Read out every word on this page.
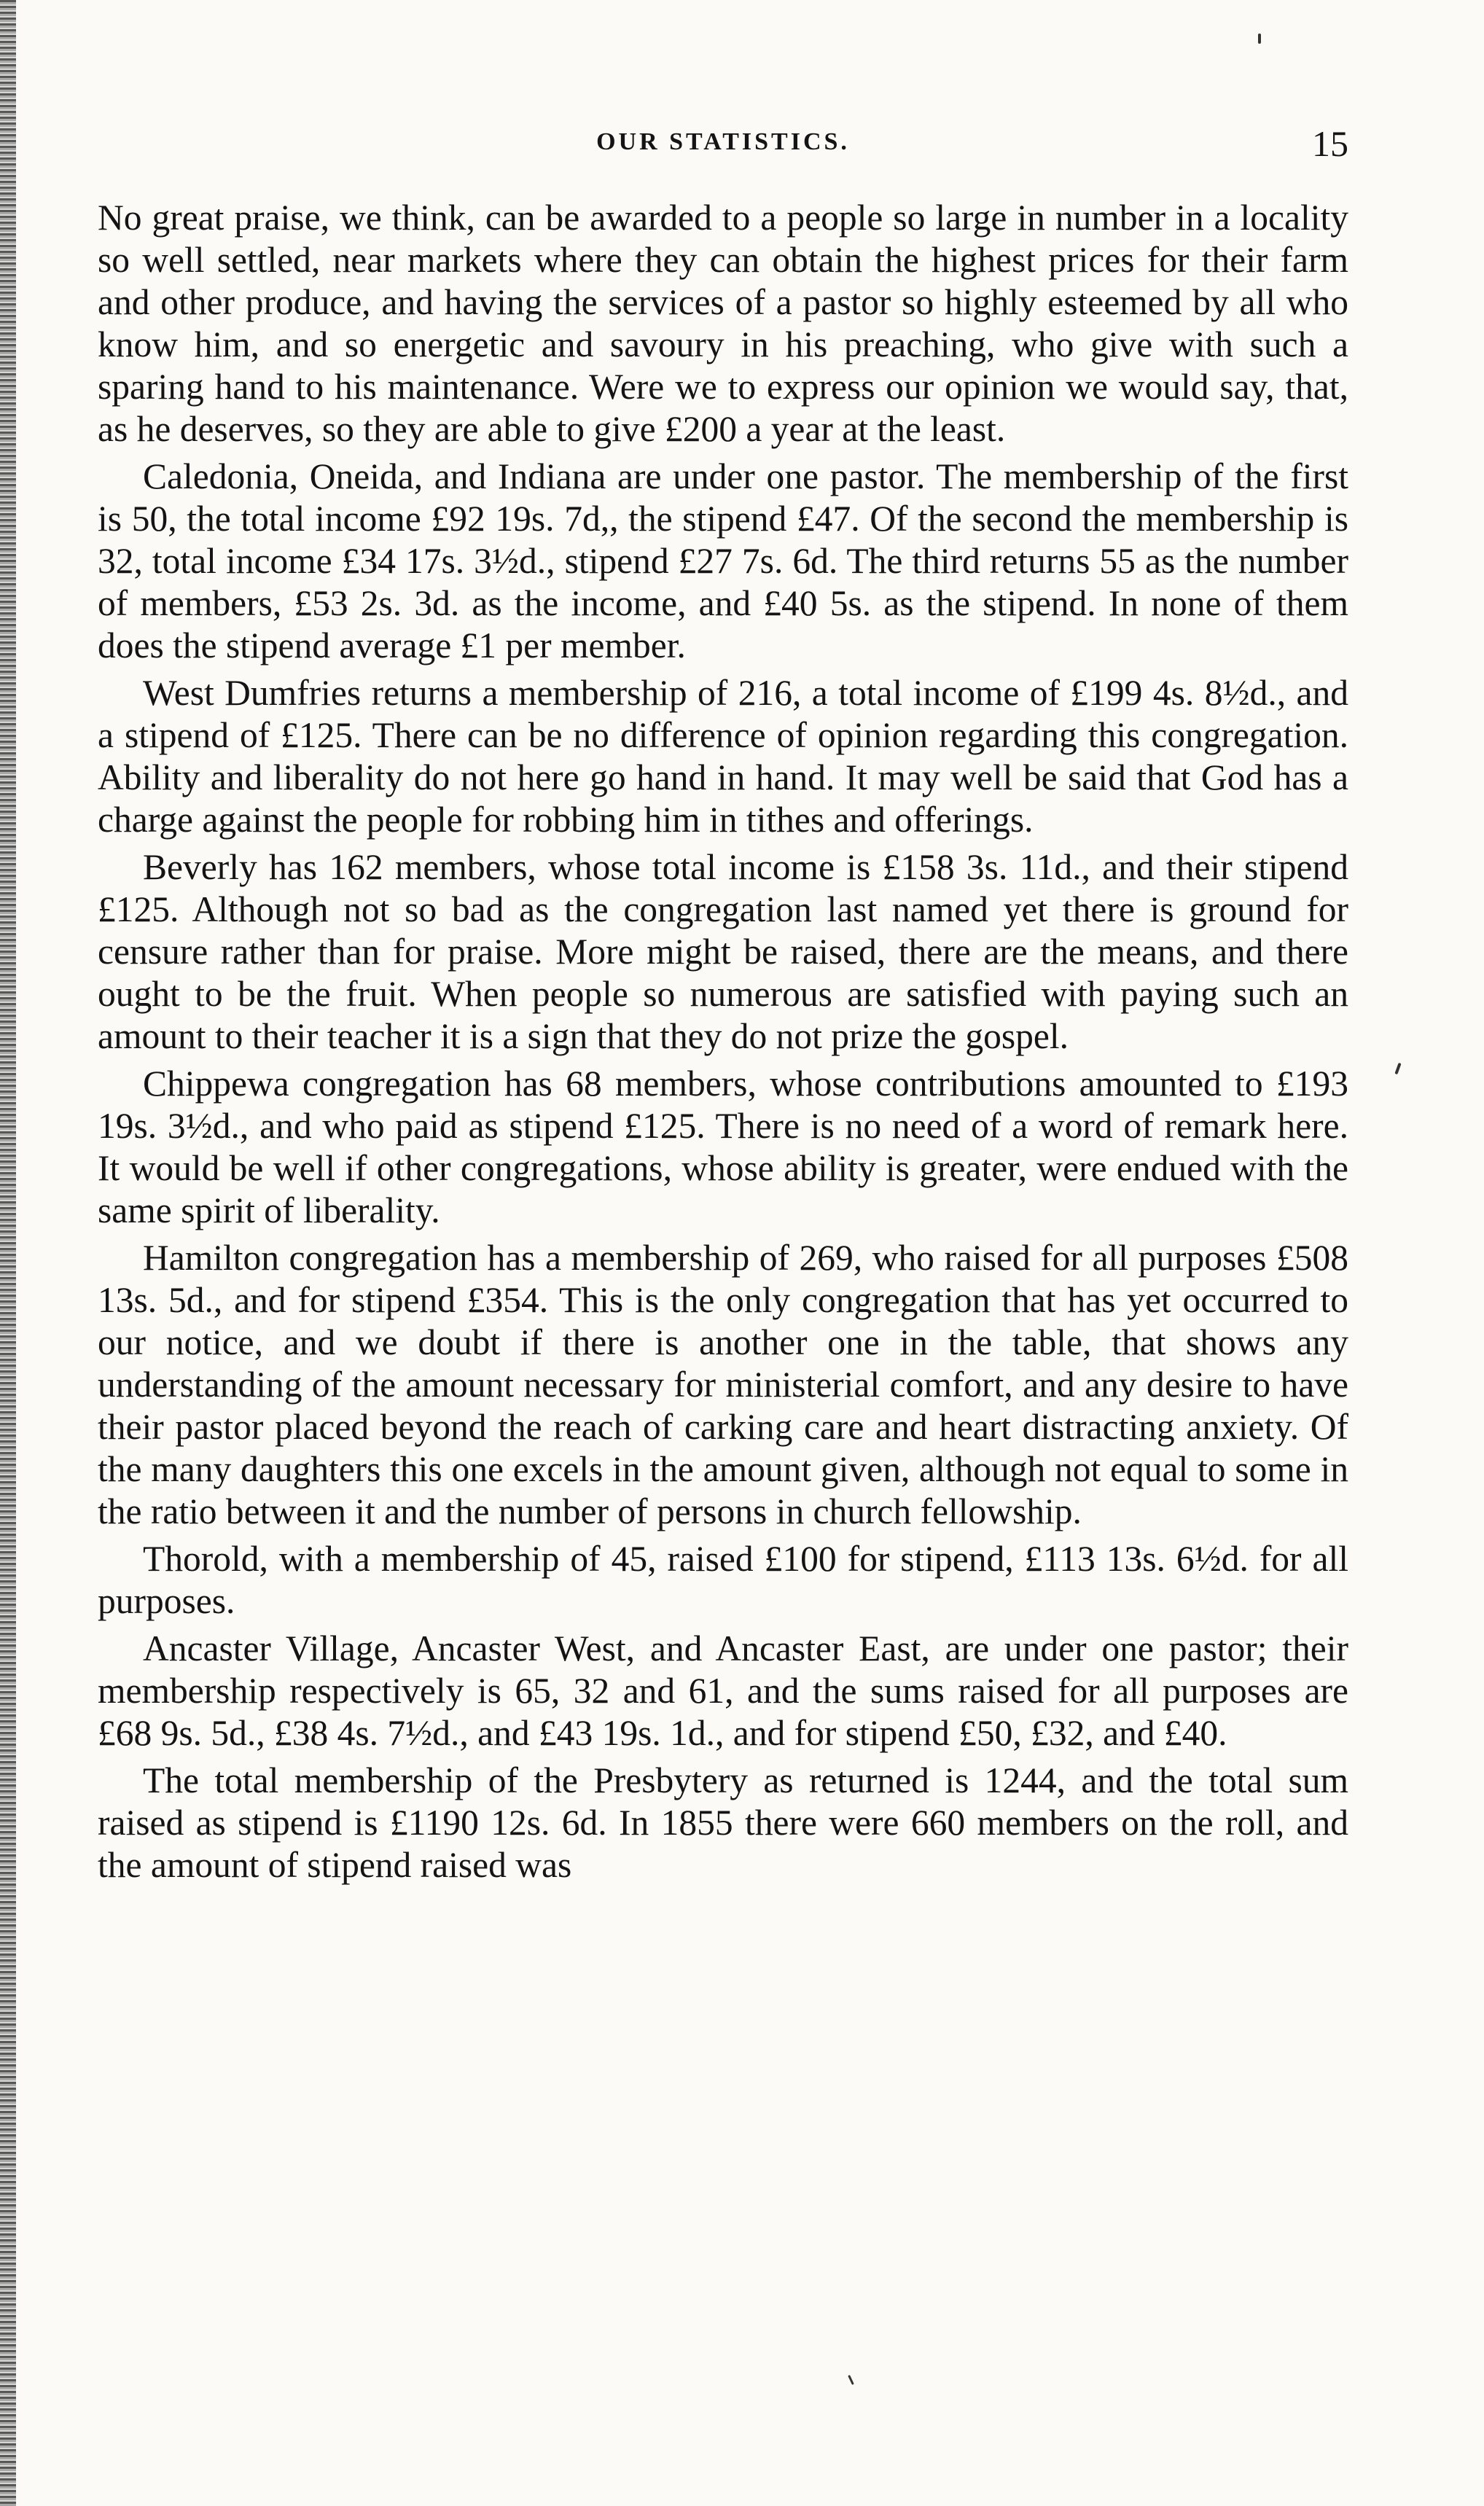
OUR STATISTICS.	15

No great praise, we think, can be awarded to a people so large in number in a locality so well settled, near markets where they can obtain the highest prices for their farm and other produce, and having the services of a pastor so highly esteemed by all who know him, and so energetic and savoury in his preaching, who give with such a sparing hand to his maintenance. Were we to express our opinion we would say, that, as he deserves, so they are able to give £200 a year at the least.

Caledonia, Oneida, and Indiana are under one pastor. The membership of the first is 50, the total income £92 19s. 7d,, the stipend £47. Of the second the membership is 32, total income £34 17s. 3½d., stipend £27 7s. 6d. The third returns 55 as the number of members, £53 2s. 3d. as the income, and £40 5s. as the stipend. In none of them does the stipend average £1 per member.

West Dumfries returns a membership of 216, a total income of £199 4s. 8½d., and a stipend of £125. There can be no difference of opinion regarding this congregation. Ability and liberality do not here go hand in hand. It may well be said that God has a charge against the people for robbing him in tithes and offerings.

Beverly has 162 members, whose total income is £158 3s. 11d., and their stipend £125. Although not so bad as the congregation last named yet there is ground for censure rather than for praise. More might be raised, there are the means, and there ought to be the fruit. When people so numerous are satisfied with paying such an amount to their teacher it is a sign that they do not prize the gospel.

Chippewa congregation has 68 members, whose contributions amounted to £193 19s. 3½d., and who paid as stipend £125. There is no need of a word of remark here. It would be well if other congregations, whose ability is greater, were endued with the same spirit of liberality.

Hamilton congregation has a membership of 269, who raised for all purposes £508 13s. 5d., and for stipend £354. This is the only congregation that has yet occurred to our notice, and we doubt if there is another one in the table, that shows any understanding of the amount necessary for ministerial comfort, and any desire to have their pastor placed beyond the reach of carking care and heart distracting anxiety. Of the many daughters this one excels in the amount given, although not equal to some in the ratio between it and the number of persons in church fellowship.

Thorold, with a membership of 45, raised £100 for stipend, £113 13s. 6½d. for all purposes.

Ancaster Village, Ancaster West, and Ancaster East, are under one pastor; their membership respectively is 65, 32 and 61, and the sums raised for all purposes are £68 9s. 5d., £38 4s. 7½d., and £43 19s. 1d., and for stipend £50, £32, and £40.

The total membership of the Presbytery as returned is 1244, and the total sum raised as stipend is £1190 12s. 6d. In 1855 there were 660 members on the roll, and the amount of stipend raised was
